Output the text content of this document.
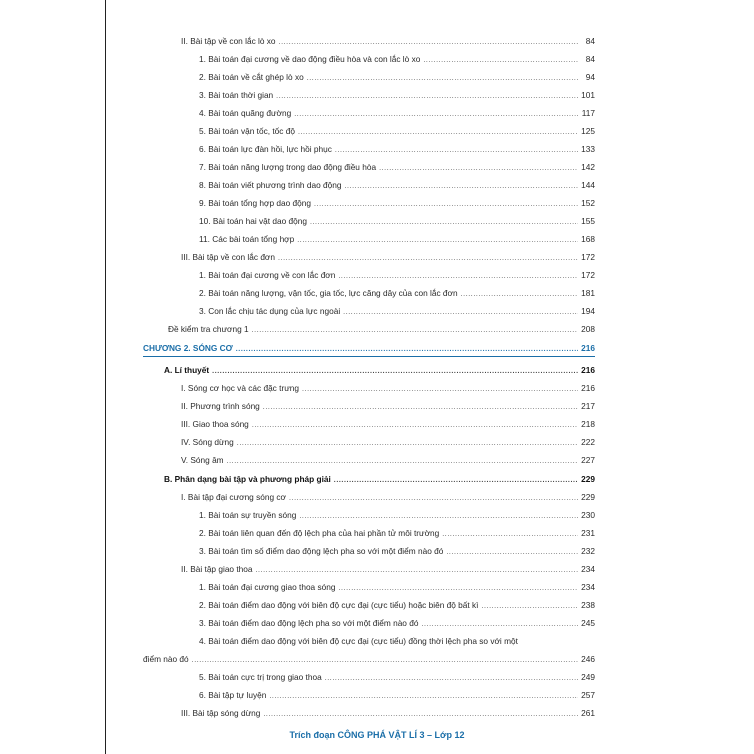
II. Bài tập về con lắc lò xo .....	84
1. Bài toán đại cương về dao động điều hòa và con lắc lò xo .....	84
2. Bài toán về cắt ghép lò xo .....	94
3. Bài toán thời gian .....	101
4. Bài toán quãng đường .....	117
5. Bài toán vận tốc, tốc độ .....	125
6. Bài toán lực đàn hồi, lực hồi phục .....	133
7. Bài toán năng lượng trong dao động điều hòa .....	142
8. Bài toán viết phương trình dao động .....	144
9. Bài toán tổng hợp dao động .....	152
10. Bài toán hai vật dao động .....	155
11. Các bài toán tổng hợp .....	168
III. Bài tập về con lắc đơn .....	172
1. Bài toán đại cương về con lắc đơn .....	172
2. Bài toán năng lượng, vận tốc, gia tốc, lực căng dây của con lắc đơn .....	181
3. Con lắc chịu tác dụng của lực ngoài .....	194
Đề kiểm tra chương 1 .....	208
CHƯƠNG 2. SÓNG CƠ .....	216
A. Lí thuyết .....	216
I. Sóng cơ học và các đặc trưng .....	216
II. Phương trình sóng .....	217
III. Giao thoa sóng .....	218
IV. Sóng dừng .....	222
V. Sóng âm .....	227
B. Phân dạng bài tập và phương pháp giải .....	229
I. Bài tập đại cương sóng cơ .....	229
1. Bài toán sự truyền sóng .....	230
2. Bài toán liên quan đến độ lệch pha của hai phần tử môi trường .....	231
3. Bài toán tìm số điểm dao động lệch pha so với một điểm nào đó .....	232
II. Bài tập giao thoa .....	234
1. Bài toán đại cương giao thoa sóng .....	234
2. Bài toán điểm dao động với biên độ cực đại (cực tiểu) hoặc biên độ bất kì .....	238
3. Bài toán điểm dao động lệch pha so với một điểm nào đó .....	245
4. Bài toán điểm dao động với biên độ cực đại (cực tiểu) đồng thời lệch pha so với một
điểm nào đó .....	246
5. Bài toán cực trị trong giao thoa .....	249
6. Bài tập tự luyện .....	257
III. Bài tập sóng dừng .....	261
Trích đoạn CÔNG PHÁ VẬT LÍ 3 – Lớp 12
